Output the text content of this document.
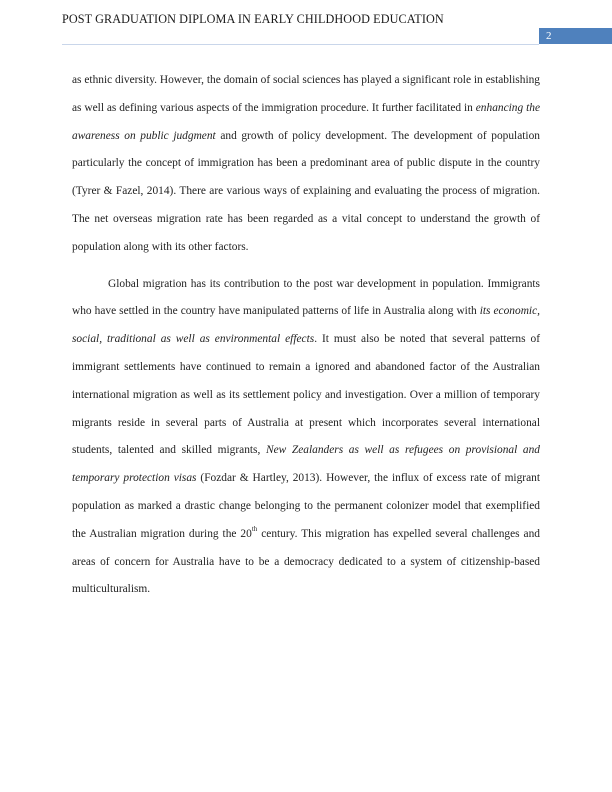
POST GRADUATION DIPLOMA IN EARLY CHILDHOOD EDUCATION
2

as ethnic diversity. However, the domain of social sciences has played a significant role in establishing as well as defining various aspects of the immigration procedure. It further facilitated in enhancing the awareness on public judgment and growth of policy development. The development of population particularly the concept of immigration has been a predominant area of public dispute in the country (Tyrer & Fazel, 2014). There are various ways of explaining and evaluating the process of migration. The net overseas migration rate has been regarded as a vital concept to understand the growth of population along with its other factors.

Global migration has its contribution to the post war development in population. Immigrants who have settled in the country have manipulated patterns of life in Australia along with its economic, social, traditional as well as environmental effects. It must also be noted that several patterns of immigrant settlements have continued to remain a ignored and abandoned factor of the Australian international migration as well as its settlement policy and investigation. Over a million of temporary migrants reside in several parts of Australia at present which incorporates several international students, talented and skilled migrants, New Zealanders as well as refugees on provisional and temporary protection visas (Fozdar & Hartley, 2013). However, the influx of excess rate of migrant population as marked a drastic change belonging to the permanent colonizer model that exemplified the Australian migration during the 20th century. This migration has expelled several challenges and areas of concern for Australia have to be a democracy dedicated to a system of citizenship-based multiculturalism.
